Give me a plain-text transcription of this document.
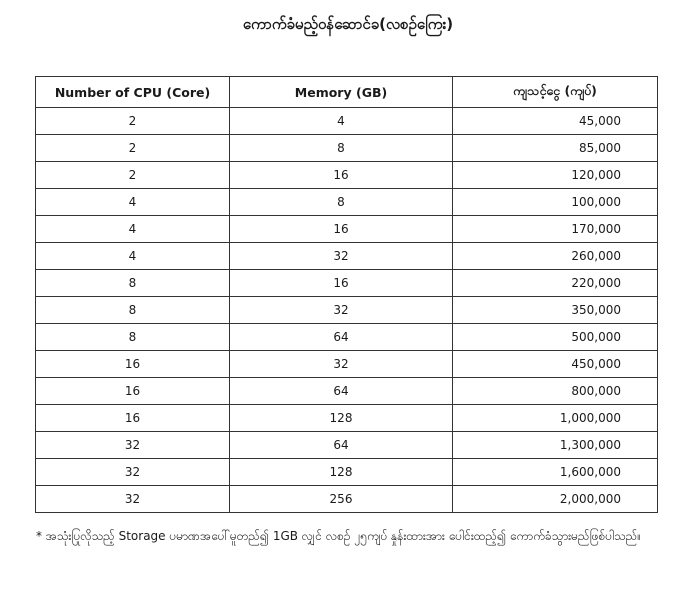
ကောက်ခံမည့်ဝန်ဆောင်ခ(လစဉ်ကြေး)
Number of CPU (Core)	Memory (GB)	ကျသင့်ငွေ (ကျပ်)
2	4	45,000
2	8	85,000
2	16	120,000
4	8	100,000
4	16	170,000
4	32	260,000
8	16	220,000
8	32	350,000
8	64	500,000
16	32	450,000
16	64	800,000
16	128	1,000,000
32	64	1,300,000
32	128	1,600,000
32	256	2,000,000
* အသုံးပြုလိုသည့် Storage ပမာဏအပေါ်မူတည်၍ 1GB လျှင် လစဉ် ၂၅ကျပ် နှုန်းထားအား ပေါင်းထည့်၍ ကောက်ခံသွားမည်ဖြစ်ပါသည်။
